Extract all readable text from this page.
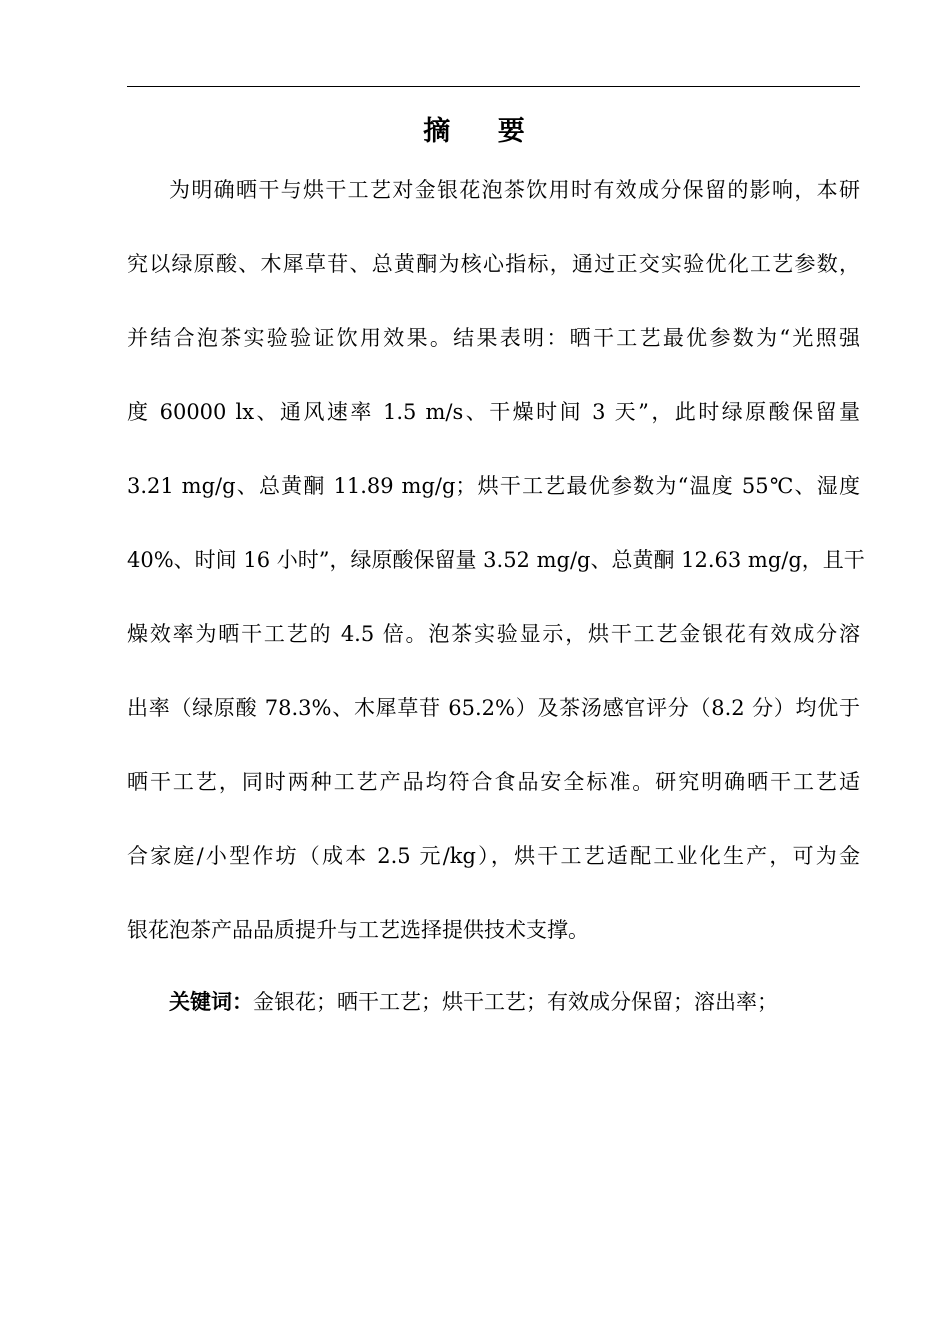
摘    要
为明确晒干与烘干工艺对金银花泡茶饮用时有效成分保留的影响，本研
究以绿原酸、木犀草苷、总黄酮为核心指标，通过正交实验优化工艺参数，
并结合泡茶实验验证饮用效果。结果表明：晒干工艺最优参数为“光照强
度 60000 lx、通风速率 1.5 m/s、干燥时间 3 天”，此时绿原酸保留量
3.21 mg/g、总黄酮 11.89 mg/g；烘干工艺最优参数为“温度 55℃、湿度
40%、时间 16 小时”，绿原酸保留量 3.52 mg/g、总黄酮 12.63 mg/g，且干
燥效率为晒干工艺的 4.5 倍。泡茶实验显示，烘干工艺金银花有效成分溶
出率（绿原酸 78.3%、木犀草苷 65.2%）及茶汤感官评分（8.2 分）均优于
晒干工艺，同时两种工艺产品均符合食品安全标准。研究明确晒干工艺适
合家庭/小型作坊（成本 2.5 元/kg），烘干工艺适配工业化生产，可为金
银花泡茶产品品质提升与工艺选择提供技术支撑。
关键词：金银花；晒干工艺；烘干工艺；有效成分保留；溶出率；
